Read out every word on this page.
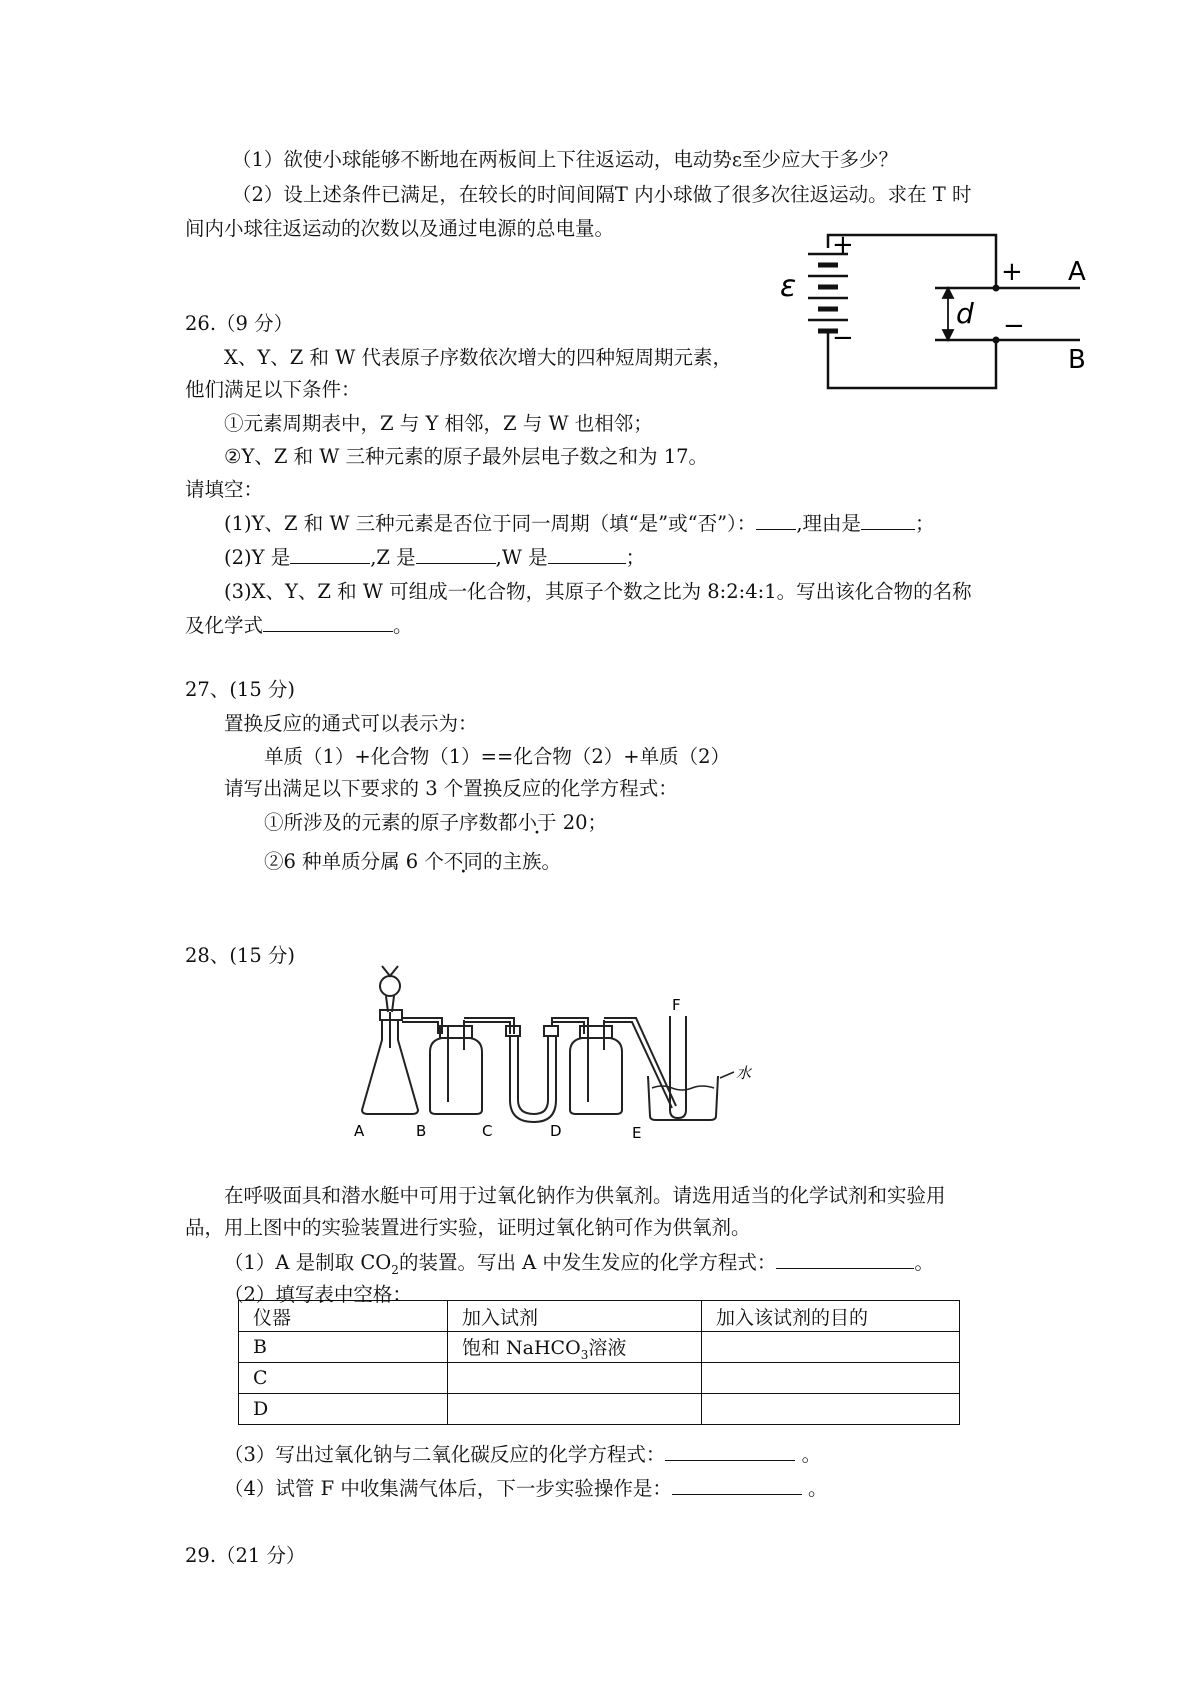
（1）欲使小球能够不断地在两板间上下往返运动，电动势ε至少应大于多少？
（2）设上述条件已满足，在较长的时间间隔T 内小球做了很多次往返运动。求在 T 时
间内小球往返运动的次数以及通过电源的总电量。
+
−
ε	+
−
d
A
B
26.（9 分）
X、Y、Z 和 W 代表原子序数依次增大的四种短周期元素，
他们满足以下条件：
①元素周期表中，Z 与 Y 相邻，Z 与 W 也相邻；
②Y、Z 和 W 三种元素的原子最外层电子数之和为 17。
请填空：
(1)Y、Z 和 W 三种元素是否位于同一周期（填“是”或“否”）： ,理由是	；
(2)Y 是	,Z 是	,W 是	；
(3)X、Y、Z 和 W 可组成一化合物，其原子个数之比为 8:2:4:1。写出该化合物的名称
及化学式	。
27、(15 分)
置换反应的通式可以表示为：
单质（1）+化合物（1）==化合物（2）+单质（2）
请写出满足以下要求的 3 个置换反应的化学方程式：
①所涉及的元素的原子序数都小于 20；
②6 种单质分属 6 个不同的主族。
28、(15 分)
A	B	C	D	E
F
水
在呼吸面具和潜水艇中可用于过氧化钠作为供氧剂。请选用适当的化学试剂和实验用
品，用上图中的实验装置进行实验，证明过氧化钠可作为供氧剂。
（1）A 是制取 $CO_2$的装置。写出 A 中发生发应的化学方程式：	。
（2）填写表中空格：
仪器	加入试剂	加入该试剂的目的
B	饱和 NaHCO$_3$溶液	
C		
D		
（3）写出过氧化钠与二氧化碳反应的化学方程式：	。
（4）试管 F 中收集满气体后，下一步实验操作是：	。
29.（21 分）
